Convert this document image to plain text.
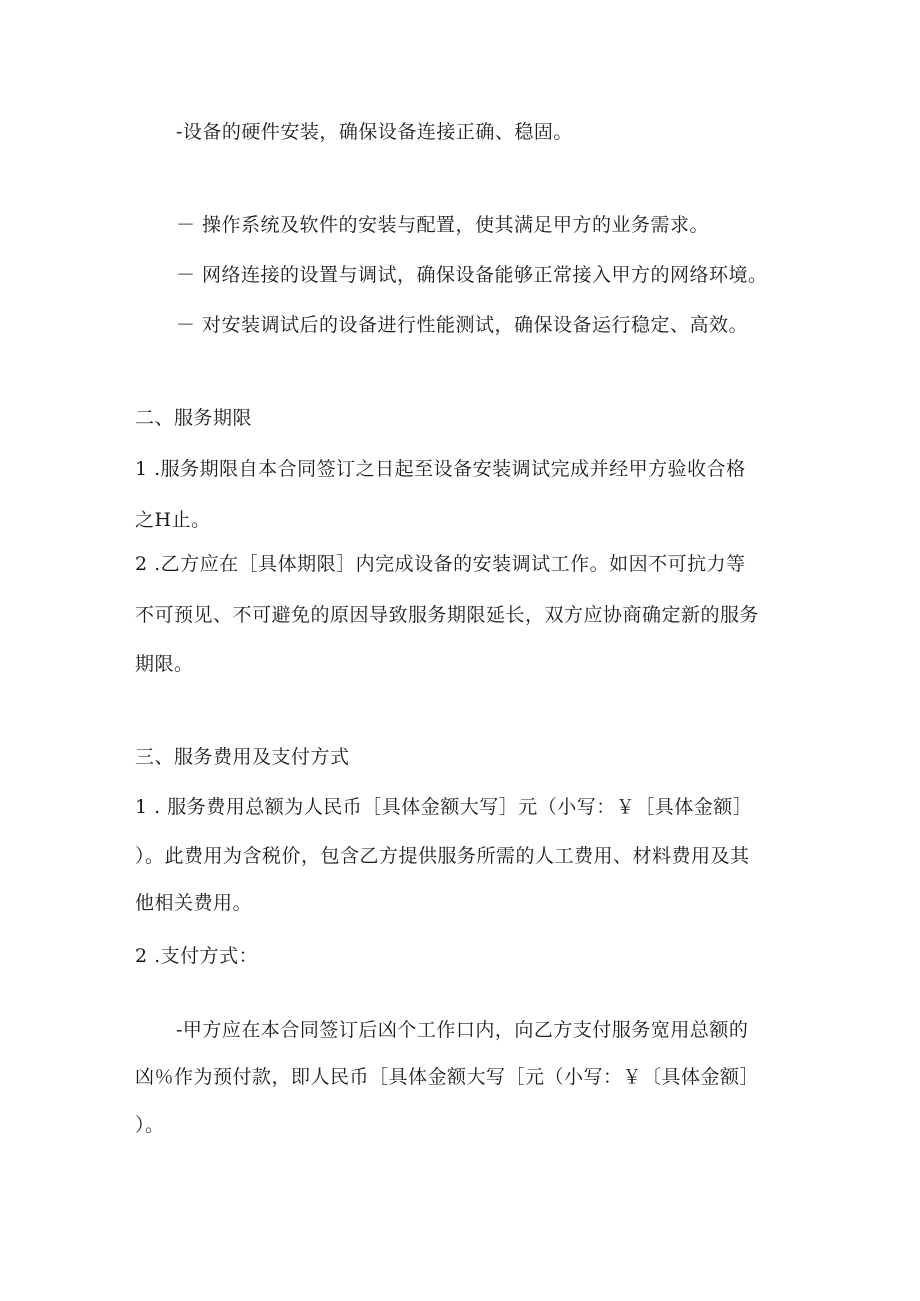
-设备的硬件安装，确保设备连接正确、稳固。
－ 操作系统及软件的安装与配置，使其满足甲方的业务需求。
－ 网络连接的设置与调试，确保设备能够正常接入甲方的网络环境。
－ 对安装调试后的设备进行性能测试，确保设备运行稳定、高效。
二、服务期限
1 .服务期限自本合同签订之日起至设备安装调试完成并经甲方验收合格
之H止。
2 .乙方应在［具体期限］内完成设备的安装调试工作。如因不可抗力等
不可预见、不可避免的原因导致服务期限延长，双方应协商确定新的服务
期限。
三、服务费用及支付方式
1 . 服务费用总额为人民币［具体金额大写］元（小写：￥［具体金额］
）。此费用为含税价，包含乙方提供服务所需的人工费用、材料费用及其
他相关费用。
2 .支付方式：
-甲方应在本合同签订后凶个工作口内，向乙方支付服务宽用总额的
凶％作为预付款，即人民币［具体金额大写［元（小写：￥〔具体金额］
）。
